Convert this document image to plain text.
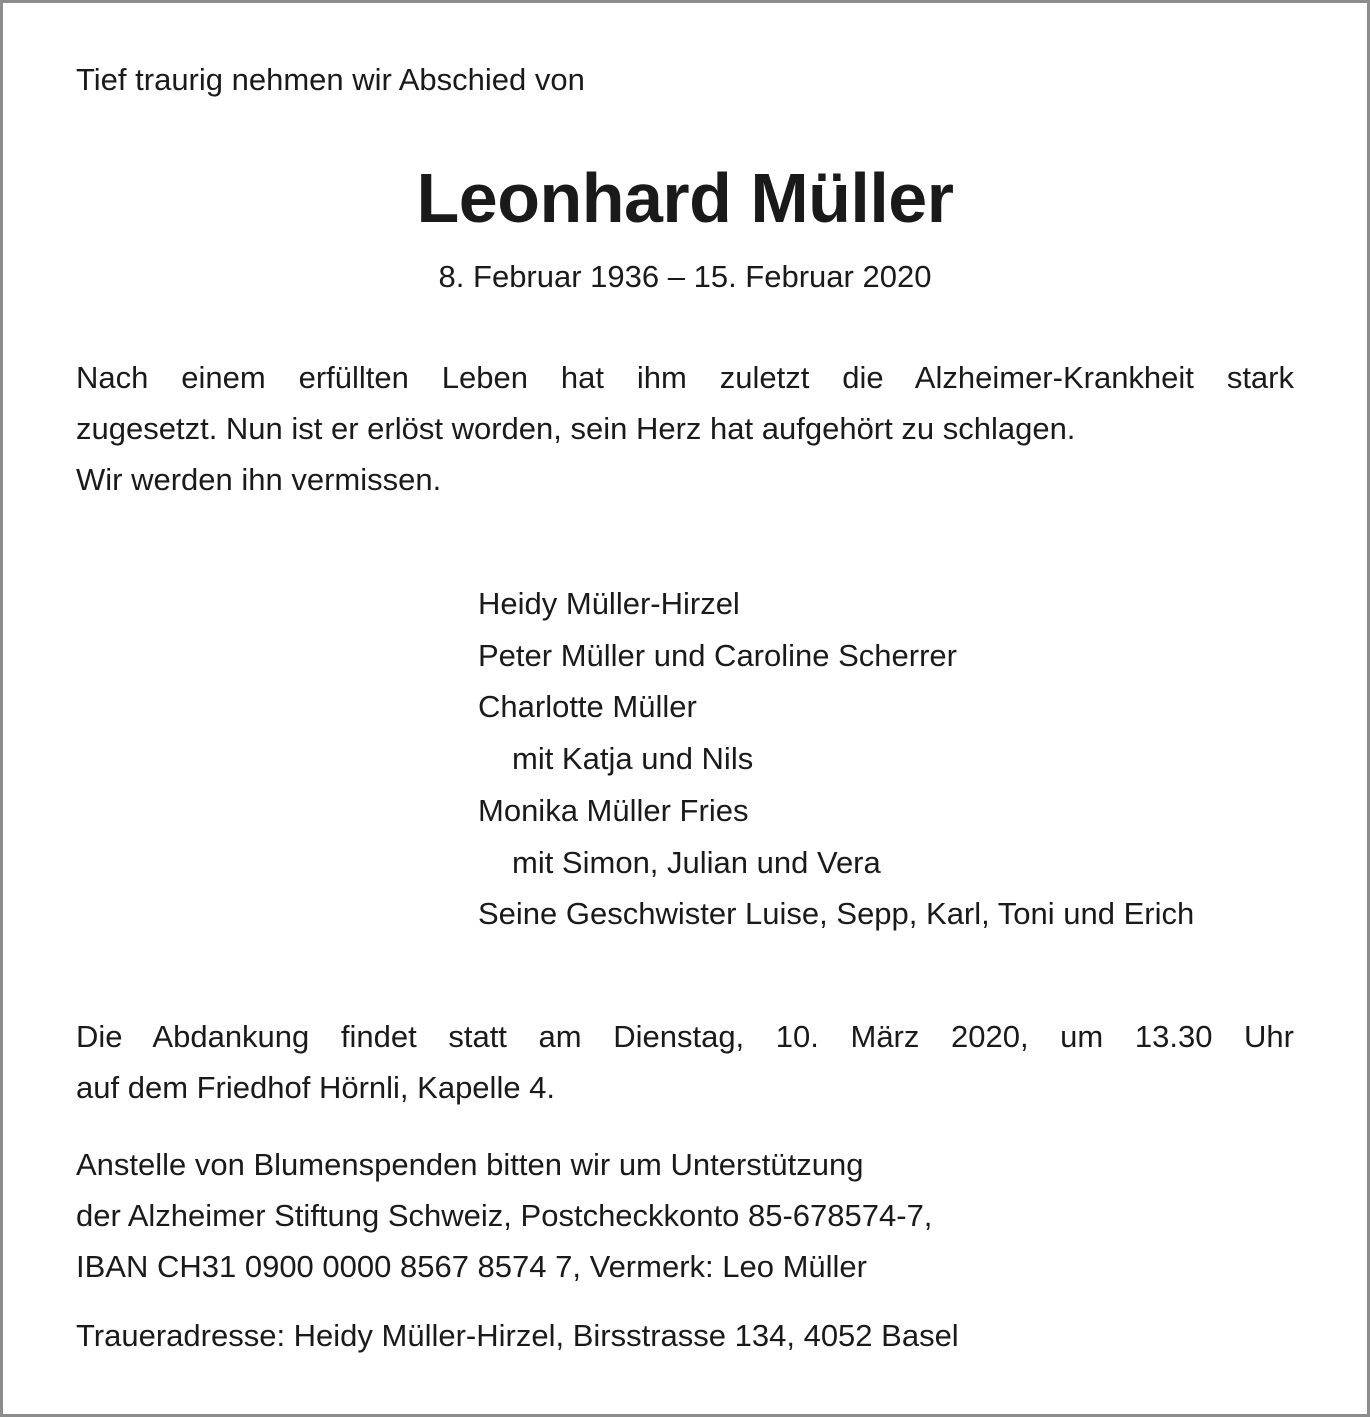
Tief traurig nehmen wir Abschied von

Leonhard Müller

8. Februar 1936 – 15. Februar 2020

Nach einem erfüllten Leben hat ihm zuletzt die Alzheimer-Krankheit stark
zugesetzt. Nun ist er erlöst worden, sein Herz hat aufgehört zu schlagen.
Wir werden ihn vermissen.
Heidy Müller-Hirzel
Peter Müller und Caroline Scherrer
Charlotte Müller
mit Katja und Nils
Monika Müller Fries
mit Simon, Julian und Vera
Seine Geschwister Luise, Sepp, Karl, Toni und Erich
Die Abdankung findet statt am Dienstag, 10. März 2020, um 13.30 Uhr
auf dem Friedhof Hörnli, Kapelle 4.
Anstelle von Blumenspenden bitten wir um Unterstützung
der Alzheimer Stiftung Schweiz, Postcheckkonto 85-678574-7,
IBAN CH31 0900 0000 8567 8574 7, Vermerk: Leo Müller

Traueradresse: Heidy Müller-Hirzel, Birsstrasse 134, 4052 Basel
